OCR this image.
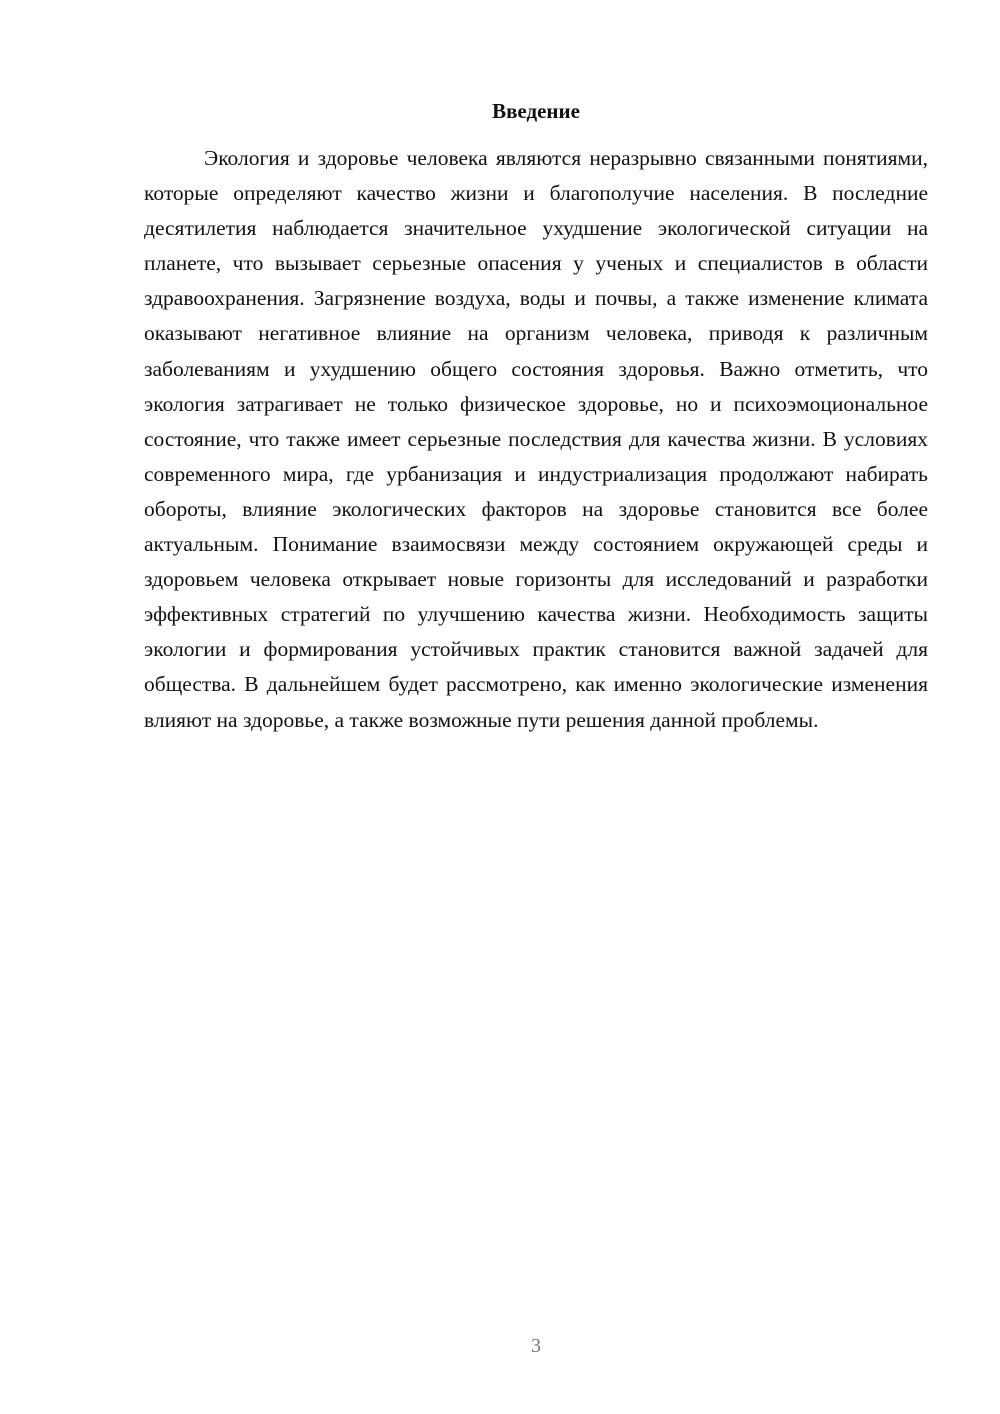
Введение

Экология и здоровье человека являются неразрывно связанными понятиями, которые определяют качество жизни и благополучие населения. В последние десятилетия наблюдается значительное ухудшение экологической ситуации на планете, что вызывает серьезные опасения у ученых и специалистов в области здравоохранения. Загрязнение воздуха, воды и почвы, а также изменение климата оказывают негативное влияние на организм человека, приводя к различным заболеваниям и ухудшению общего состояния здоровья. Важно отметить, что экология затрагивает не только физическое здоровье, но и психоэмоциональное состояние, что также имеет серьезные последствия для качества жизни. В условиях современного мира, где урбанизация и индустриализация продолжают набирать обороты, влияние экологических факторов на здоровье становится все более актуальным. Понимание взаимосвязи между состоянием окружающей среды и здоровьем человека открывает новые горизонты для исследований и разработки эффективных стратегий по улучшению качества жизни. Необходимость защиты экологии и формирования устойчивых практик становится важной задачей для общества. В дальнейшем будет рассмотрено, как именно экологические изменения влияют на здоровье, а также возможные пути решения данной проблемы.

3
